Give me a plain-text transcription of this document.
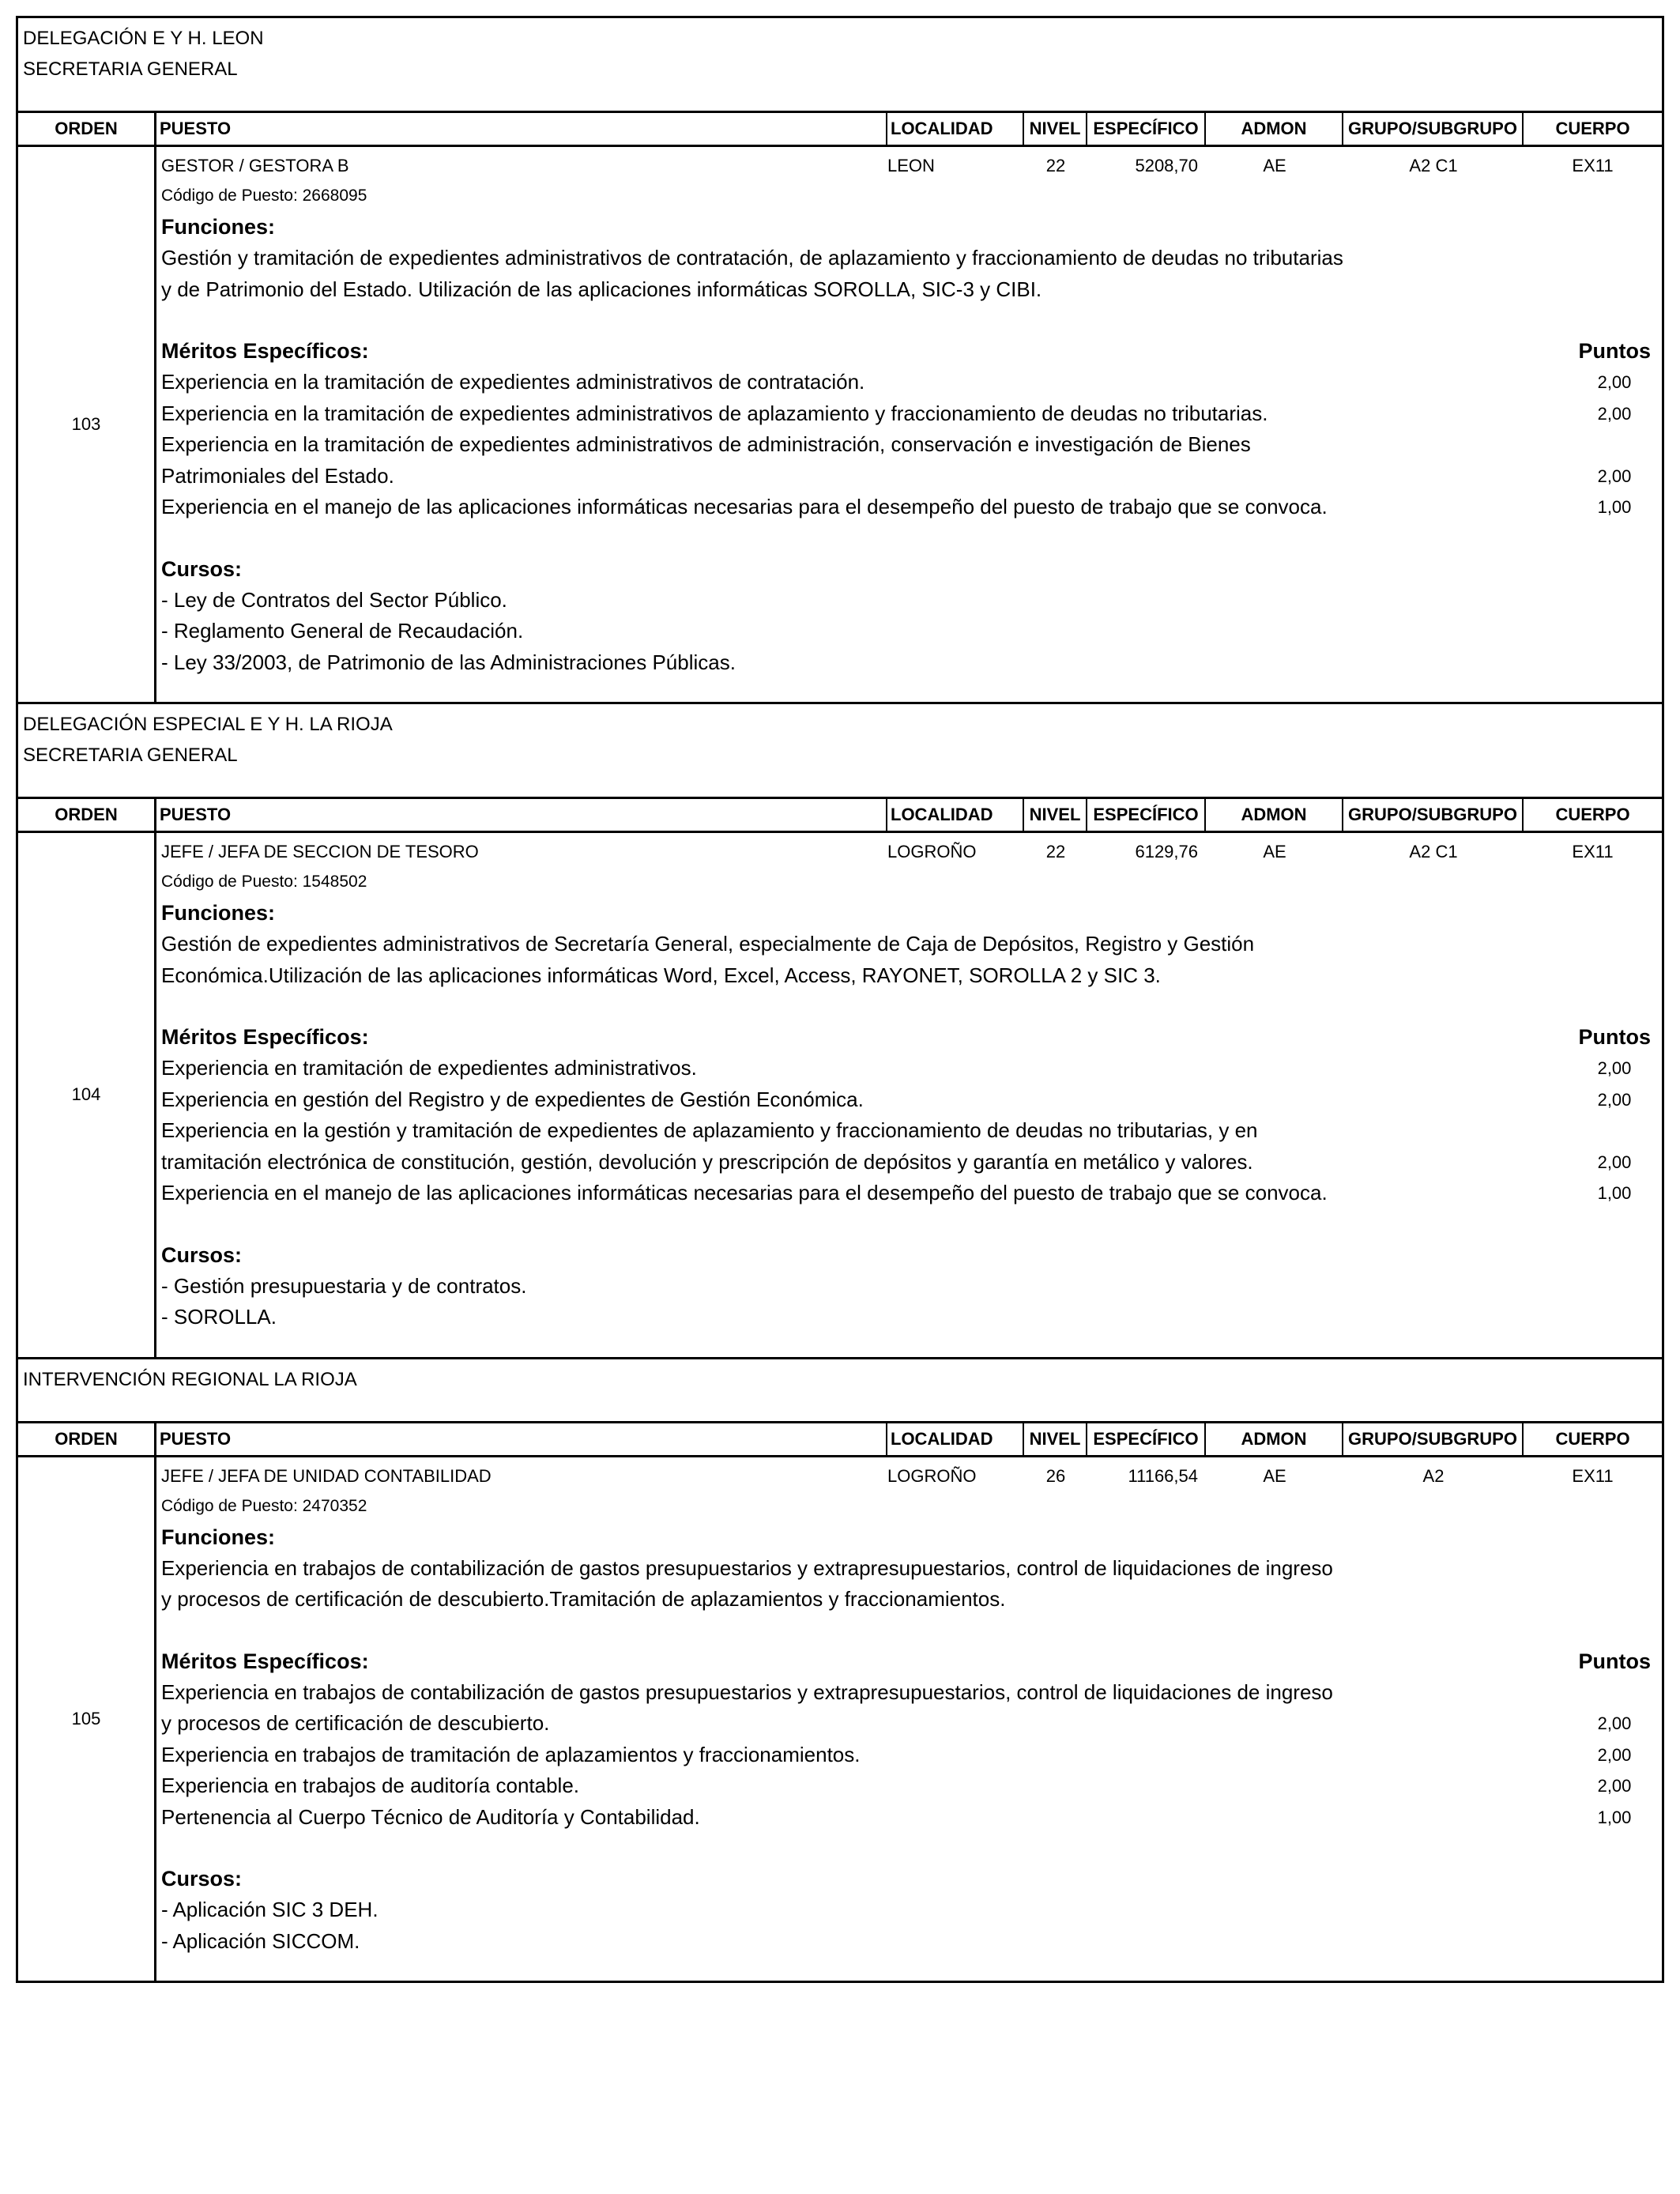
DELEGACIÓN E Y H. LEON
SECRETARIA GENERAL
ORDEN	PUESTO	LOCALIDAD	NIVEL ESPECÍFICO	ADMON	GRUPO/SUBGRUPO	CUERPO
103
GESTOR / GESTORA B	LEON	22	5208,70	AE	A2 C1	EX11
Código de Puesto: 2668095
Funciones:
Gestión y tramitación de expedientes administrativos de contratación, de aplazamiento y fraccionamiento de deudas no tributarias
y de Patrimonio del Estado. Utilización de las aplicaciones informáticas SOROLLA, SIC-3 y CIBI.
Méritos Específicos:	Puntos
Experiencia en la tramitación de expedientes administrativos de contratación.	2,00
Experiencia en la tramitación de expedientes administrativos de aplazamiento y fraccionamiento de deudas no tributarias.	2,00
Experiencia en la tramitación de expedientes administrativos de administración, conservación e investigación de Bienes
Patrimoniales del Estado.	2,00
Experiencia en el manejo de las aplicaciones informáticas necesarias para el desempeño del puesto de trabajo que se convoca.	1,00
Cursos:
- Ley de Contratos del Sector Público.
- Reglamento General de Recaudación.
- Ley 33/2003, de Patrimonio de las Administraciones Públicas.
DELEGACIÓN ESPECIAL E Y H. LA RIOJA
SECRETARIA GENERAL
ORDEN	PUESTO	LOCALIDAD	NIVEL ESPECÍFICO	ADMON	GRUPO/SUBGRUPO	CUERPO
104
JEFE / JEFA DE SECCION DE TESORO	LOGROÑO	22	6129,76	AE	A2 C1	EX11
Código de Puesto: 1548502
Funciones:
Gestión de expedientes administrativos de Secretaría General, especialmente de Caja de Depósitos, Registro y Gestión
Económica.Utilización de las aplicaciones informáticas Word, Excel, Access, RAYONET, SOROLLA 2 y SIC 3.
Méritos Específicos:	Puntos
Experiencia en tramitación de expedientes administrativos.	2,00
Experiencia en gestión del Registro y de expedientes de Gestión Económica.	2,00
Experiencia en la gestión y tramitación de expedientes de aplazamiento y fraccionamiento de deudas no tributarias, y en
tramitación electrónica de constitución, gestión, devolución y prescripción de depósitos y garantía en metálico y valores.	2,00
Experiencia en el manejo de las aplicaciones informáticas necesarias para el desempeño del puesto de trabajo que se convoca.	1,00
Cursos:
- Gestión presupuestaria y de contratos.
- SOROLLA.
INTERVENCIÓN REGIONAL LA RIOJA
ORDEN	PUESTO	LOCALIDAD	NIVEL ESPECÍFICO	ADMON	GRUPO/SUBGRUPO	CUERPO
105
JEFE / JEFA DE UNIDAD CONTABILIDAD	LOGROÑO	26	11166,54	AE	A2	EX11
Código de Puesto: 2470352
Funciones:
Experiencia en trabajos de contabilización de gastos presupuestarios y extrapresupuestarios, control de liquidaciones de ingreso
y procesos de certificación de descubierto.Tramitación de aplazamientos y fraccionamientos.
Méritos Específicos:	Puntos
Experiencia en trabajos de contabilización de gastos presupuestarios y extrapresupuestarios, control de liquidaciones de ingreso
y procesos de certificación de descubierto.	2,00
Experiencia en trabajos de tramitación de aplazamientos y fraccionamientos.	2,00
Experiencia en trabajos de auditoría contable.	2,00
Pertenencia al Cuerpo Técnico de Auditoría y Contabilidad.	1,00
Cursos:
- Aplicación SIC 3 DEH.
- Aplicación SICCOM.
